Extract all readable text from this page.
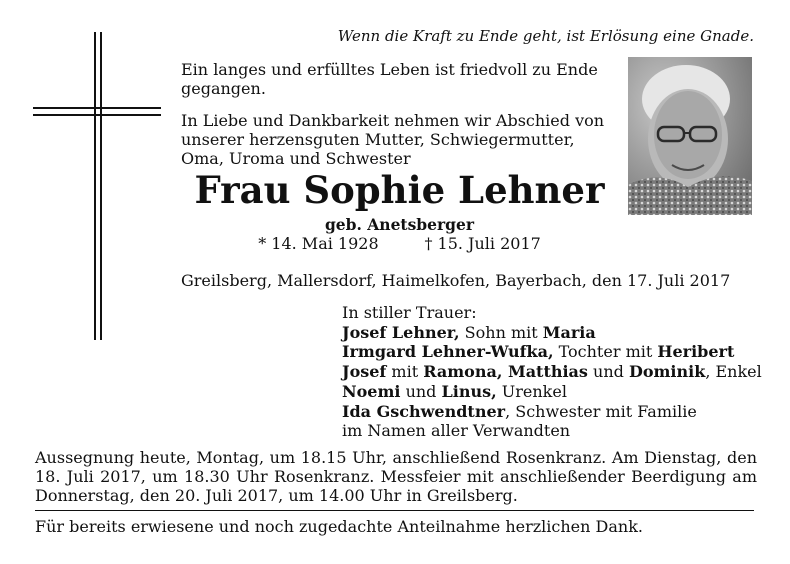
Wenn die Kraft zu Ende geht, ist Erlösung eine Gnade.

Ein langes und erfülltes Leben ist friedvoll zu Ende gegangen.

In Liebe und Dankbarkeit nehmen wir Abschied von unserer herzensguten Mutter, Schwiegermutter, Oma, Uroma und Schwester

Frau Sophie Lehner
geb. Anetsberger
* 14. Mai 1928	† 15. Juli 2017
Greilsberg, Mallersdorf, Haimelkofen, Bayerbach, den 17. Juli 2017
In stiller Trauer:
Josef Lehner, Sohn mit Maria
Irmgard Lehner-Wufka, Tochter mit Heribert
Josef mit Ramona, Matthias und Dominik, Enkel
Noemi und Linus, Urenkel
Ida Gschwendtner, Schwester mit Familie
im Namen aller Verwandten
Aussegnung heute, Montag, um 18.15 Uhr, anschließend Rosenkranz. Am Dienstag, den 18. Juli 2017, um 18.30 Uhr Rosenkranz. Messfeier mit anschließender Beerdigung am Donnerstag, den 20. Juli 2017, um 14.00 Uhr in Greilsberg.
Für bereits erwiesene und noch zugedachte Anteilnahme herzlichen Dank.
